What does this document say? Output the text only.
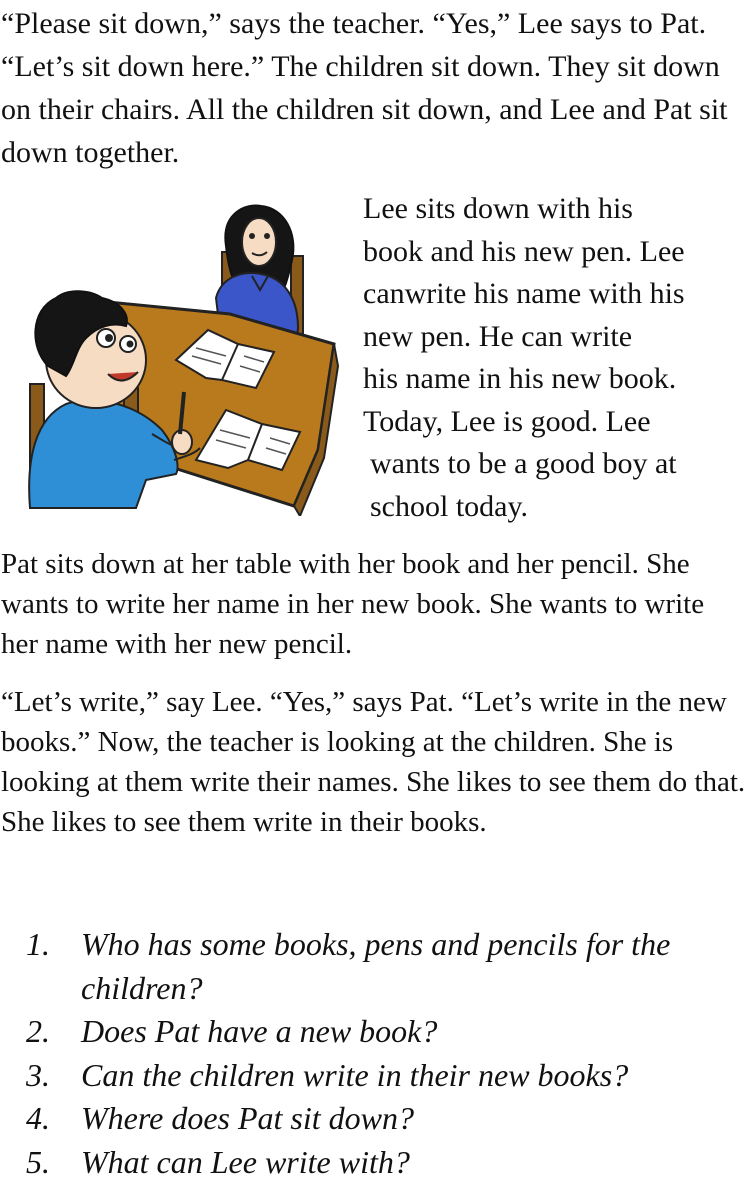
“Please sit down,” says the teacher. “Yes,” Lee says to Pat. “Let’s sit down here.” The children sit down. They sit down on their chairs. All the children sit down, and Lee and Pat sit down together.

Lee sits down with his
book and his new pen. Lee
canwrite his name with his
new pen. He can write
his name in his new book.
Today, Lee is good. Lee
wants to be a good boy at
school today.

Pat sits down at her table with her book and her pencil. She wants to write her name in her new book. She wants to write her name with her new pencil.

“Let’s write,” say Lee. “Yes,” says Pat. “Let’s write in the new books.” Now, the teacher is looking at the children. She is looking at them write their names. She likes to see them do that. She likes to see them write in their books.

1. Who has some books, pens and pencils for the children?
2. Does Pat have a new book?
3. Can the children write in their new books?
4. Where does Pat sit down?
5. What can Lee write with?
